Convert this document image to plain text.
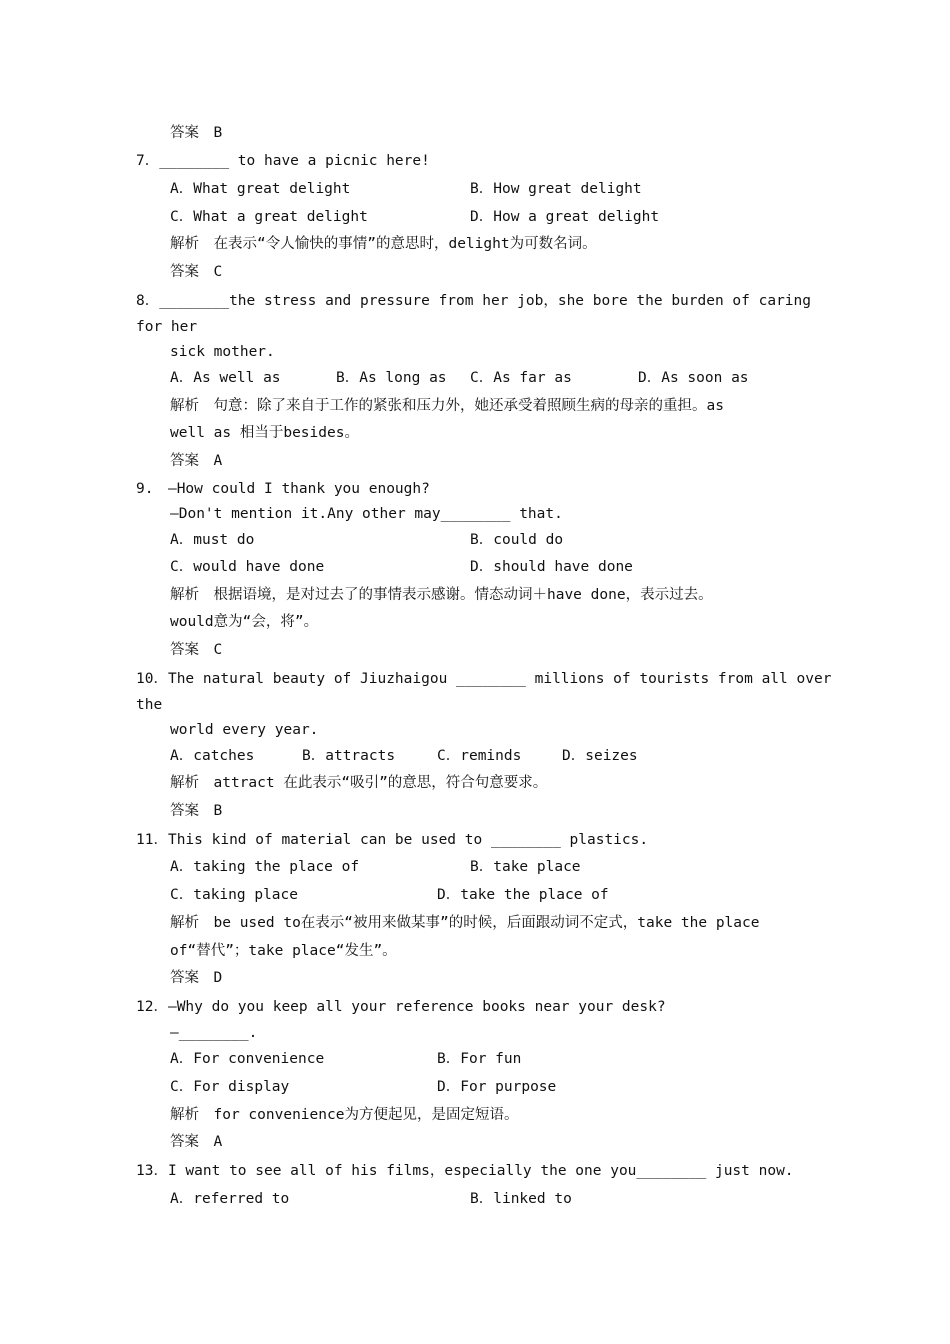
答案　B
7．________ to have a picnic here!
A．What great delight	B．How great delight
C．What a great delight	D．How a great delight
解析　在表示“令人愉快的事情”的意思时，delight为可数名词。
答案　C
8．________the stress and pressure from her job，she bore the burden of caring
for her
sick mother.
A．As well as	B．As long as C．As far as	D．As soon as
解析　句意：除了来自于工作的紧张和压力外，她还承受着照顾生病的母亲的重担。as
well as 相当于besides。
答案　A
9.　—How could I thank you enough?
—Don't mention it.Any other may________ that.
A．must do	B．could do
C．would have done	D．should have done
解析　根据语境，是对过去了的事情表示感谢。情态动词＋have done，表示过去。
would意为“会，将”。
答案　C
10．The natural beauty of Jiuzhaigou ________ millions of tourists from all over
the
world every year.
A．catches	B．attracts	C．reminds	D．seizes
解析　attract 在此表示“吸引”的意思，符合句意要求。
答案　B
11．This kind of material can be used to ________ plastics.
A．taking the place of	B．take place
C．taking place	D．take the place of
解析　be used to在表示“被用来做某事”的时候，后面跟动词不定式，take the place
of“替代”；take place“发生”。
答案　D
12．—Why do you keep all your reference books near your desk?
—________.
A．For convenience	B．For fun
C．For display	D．For purpose
解析　for convenience为方便起见，是固定短语。
答案　A
13．I want to see all of his films，especially the one you________ just now.
A．referred to	B．linked to
